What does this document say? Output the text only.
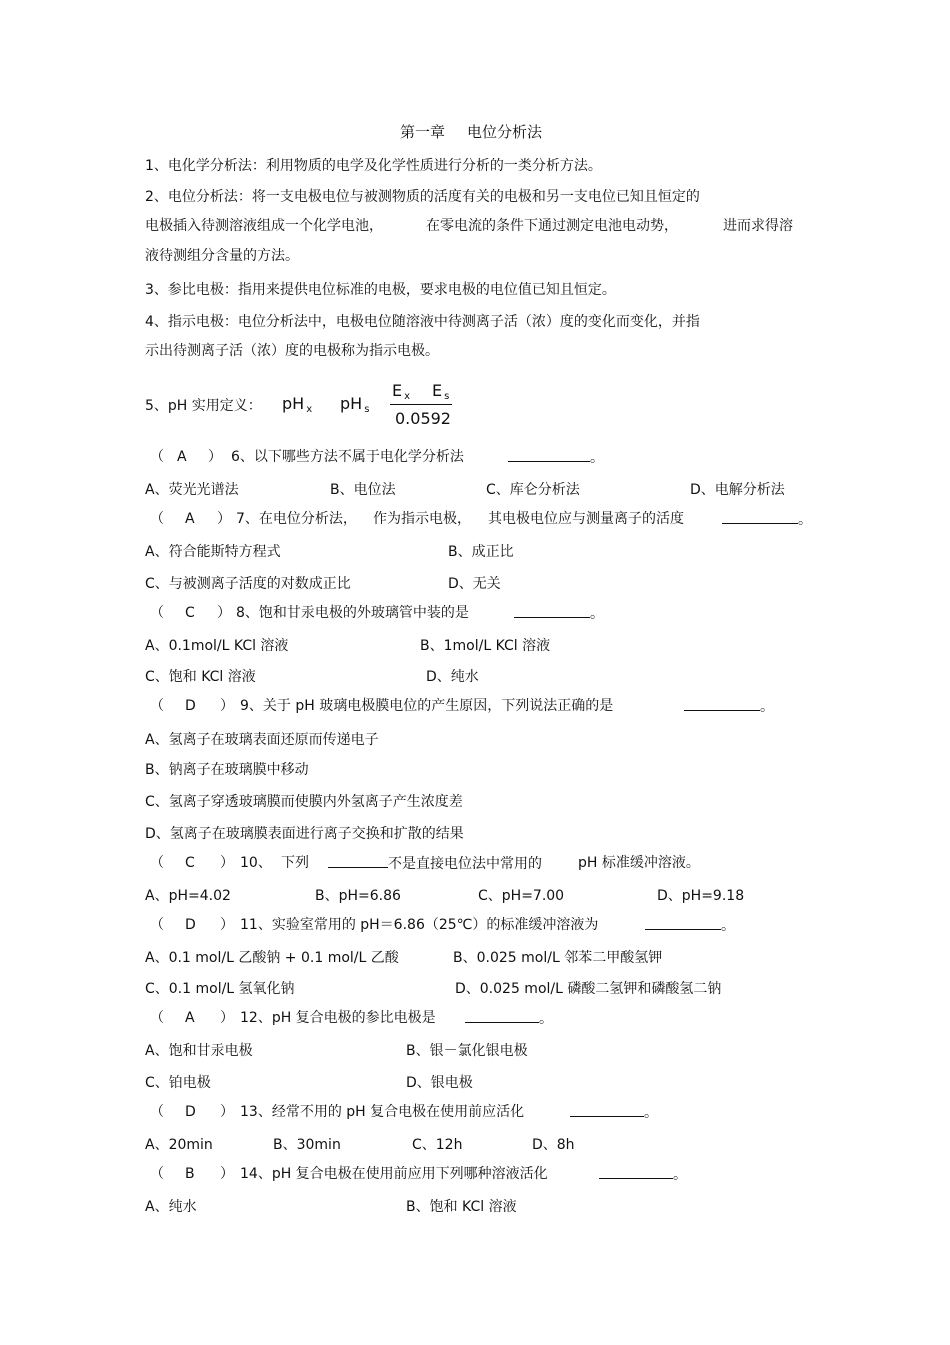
第一章 电位分析法
1、电化学分析法：利用物质的电学及化学性质进行分析的一类分析方法。
2、电位分析法：将一支电极电位与被测物质的活度有关的电极和另一支电位已知且恒定的
电极插入待测溶液组成一个化学电池，	在零电流的条件下通过测定电池电动势，	进而求得溶
液待测组分含量的方法。
3、参比电极：指用来提供电位标准的电极，要求电极的电位值已知且恒定。
4、指示电极：电位分析法中，电极电位随溶液中待测离子活（浓）度的变化而变化，并指
示出待测离子活（浓）度的电极称为指示电极。
5、pH 实用定义： pH x pH s
Ex Es
0.0592
（ A ） 6、以下哪些方法不属于电化学分析法	。
A、荧光光谱法	B、电位法	C、库仑分析法	D、电解分析法
（ A ） 7、在电位分析法， 作为指示电极， 其电极电位应与测量离子的活度	。
A、符合能斯特方程式	B、成正比
C、与被测离子活度的对数成正比	D、无关
（ C ） 8、饱和甘汞电极的外玻璃管中装的是	。
A、0.1mol/L KCl 溶液	B、1mol/L KCl 溶液
C、饱和 KCl 溶液	D、纯水
（ D ） 9、关于 pH 玻璃电极膜电位的产生原因，下列说法正确的是	。
A、氢离子在玻璃表面还原而传递电子
B、钠离子在玻璃膜中移动
C、氢离子穿透玻璃膜而使膜内外氢离子产生浓度差
D、氢离子在玻璃膜表面进行离子交换和扩散的结果
（ C ） 10、 下列	不是直接电位法中常用的	pH 标准缓冲溶液。
A、pH=4.02	B、pH=6.86	C、pH=7.00	D、pH=9.18
（ D ） 11、实验室常用的 pH＝6.86（25℃）的标准缓冲溶液为	。
A、0.1 mol/L 乙酸钠 + 0.1 mol/L 乙酸	B、0.025 mol/L 邻苯二甲酸氢钾
C、0.1 mol/L 氢氧化钠	D、0.025 mol/L 磷酸二氢钾和磷酸氢二钠
（ A ） 12、pH 复合电极的参比电极是	。
A、饱和甘汞电极	B、银－氯化银电极
C、铂电极	D、银电极
（ D ） 13、经常不用的 pH 复合电极在使用前应活化	。
A、20min	B、30min	C、12h	D、8h
（ B ） 14、pH 复合电极在使用前应用下列哪种溶液活化	。
A、纯水	B、饱和 KCl 溶液
